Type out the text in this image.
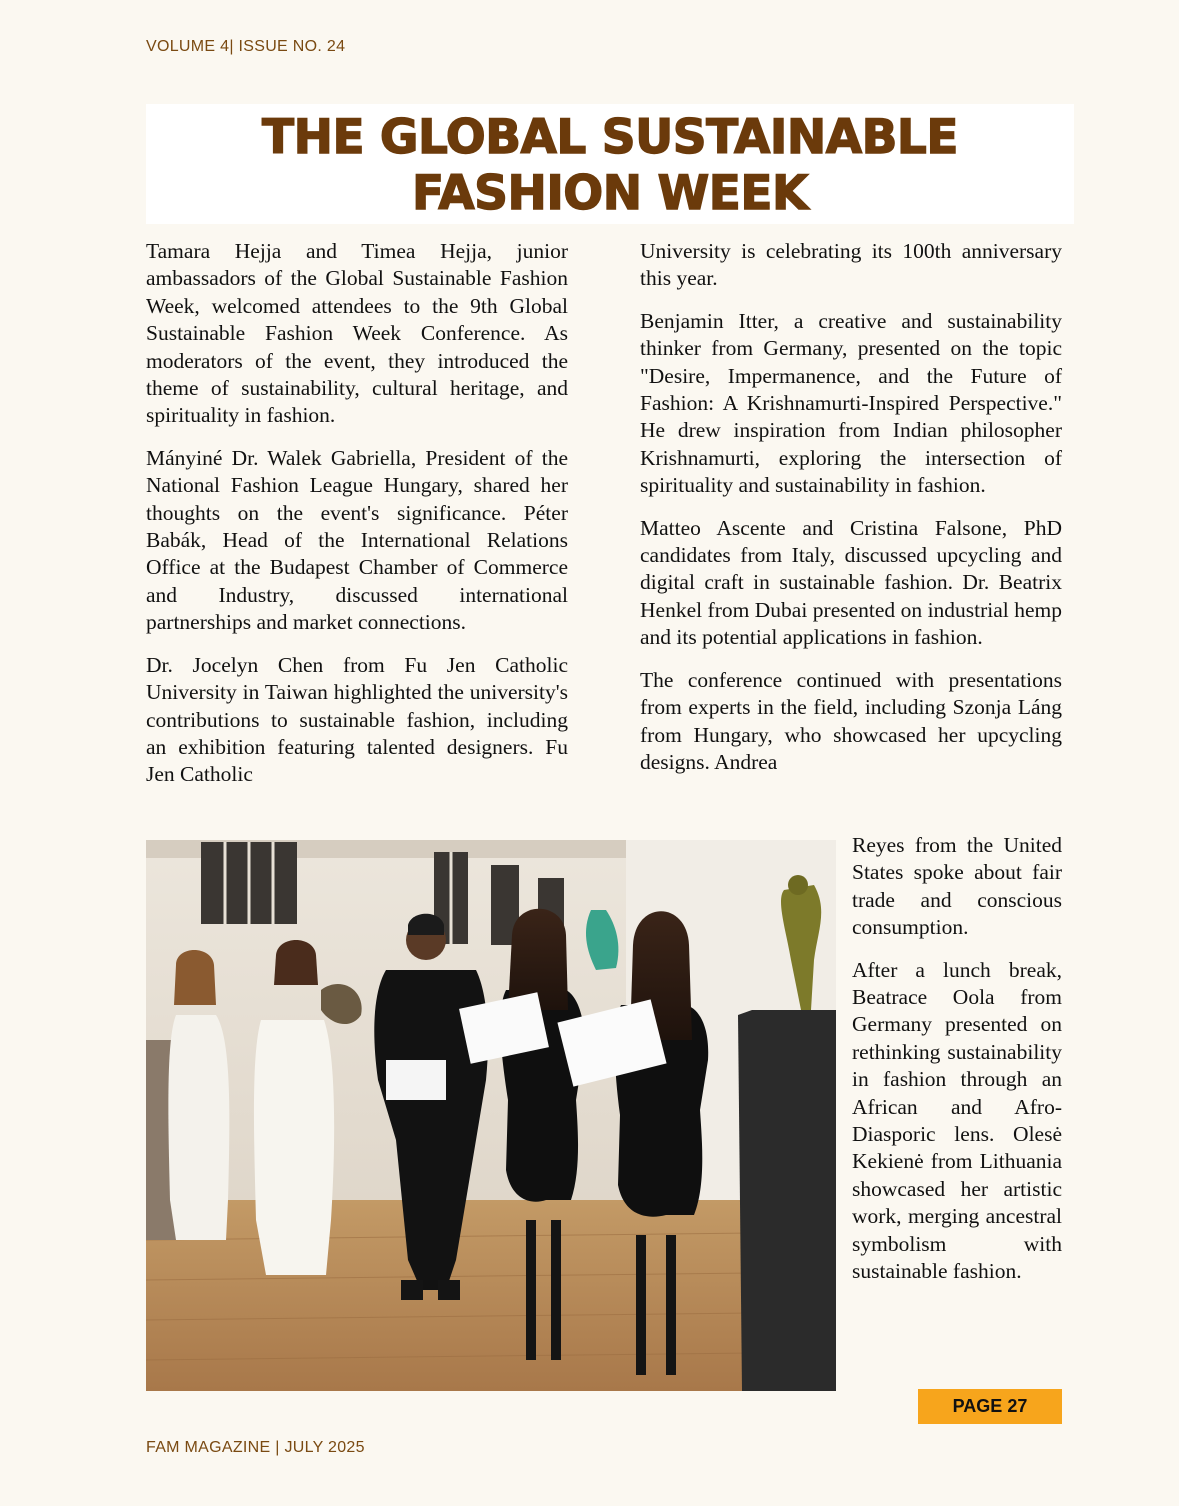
VOLUME 4| ISSUE NO. 24
THE GLOBAL SUSTAINABLE
FASHION WEEK

Tamara Hejja and Timea Hejja, junior ambassadors of the Global Sustainable Fashion Week, welcomed attendees to the 9th Global Sustainable Fashion Week Conference. As moderators of the event, they introduced the theme of sustainability, cultural heritage, and spirituality in fashion.

Mányiné Dr. Walek Gabriella, President of the National Fashion League Hungary, shared her thoughts on the event's significance. Péter Babák, Head of the International Relations Office at the Budapest Chamber of Commerce and Industry, discussed international partnerships and market connections.

Dr. Jocelyn Chen from Fu Jen Catholic University in Taiwan highlighted the university's contributions to sustainable fashion, including an exhibition featuring talented designers. Fu Jen Catholic

University is celebrating its 100th anniversary this year.

Benjamin Itter, a creative and sustainability thinker from Germany, presented on the topic "Desire, Impermanence, and the Future of Fashion: A Krishnamurti-Inspired Perspective." He drew inspiration from Indian philosopher Krishnamurti, exploring the intersection of spirituality and sustainability in fashion.

Matteo Ascente and Cristina Falsone, PhD candidates from Italy, discussed upcycling and digital craft in sustainable fashion. Dr. Beatrix Henkel from Dubai presented on industrial hemp and its potential applications in fashion.

The conference continued with presentations from experts in the field, including Szonja Láng from Hungary, who showcased her upcycling designs. Andrea

Reyes from the United States spoke about fair trade and conscious consumption.

After a lunch break, Beatrace Oola from Germany presented on rethinking sustainability in fashion through an African and Afro-Diasporic lens. Olesė Kekienė from Lithuania showcased her artistic work, merging ancestral symbolism with sustainable fashion.

PAGE 27
FAM MAGAZINE | JULY 2025
